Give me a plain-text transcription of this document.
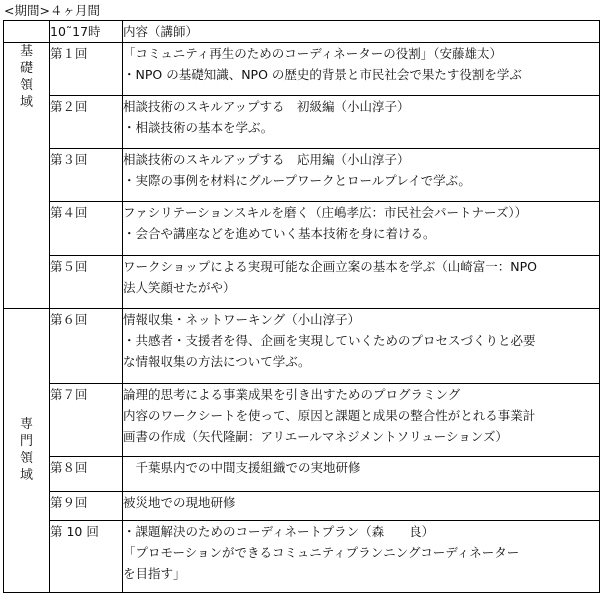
<期間>４ヶ月間
	10˜17時	内容（講師）

基
礎
領
域	第１回	「コミュニティ再生のためのコーディネーターの役割」（安藤雄太）
・NPO の基礎知識、NPO の歴史的背景と市民社会で果たす役割を学ぶ

	第２回	相談技術のスキルアップする　初級編（小山淳子）
・相談技術の基本を学ぶ。

	第３回	相談技術のスキルアップする　応用編（小山淳子）
・実際の事例を材料にグループワークとロールプレイで学ぶ。

	第４回	ファシリテーションスキルを磨く（庄嶋孝広：市民社会パートナーズ））
・会合や講座などを進めていく基本技術を身に着ける。

	第５回	ワークショップによる実現可能な企画立案の基本を学ぶ（山崎富一：NPO
法人笑顔せたがや）

専
門
領
域	第６回	情報収集・ネットワーキング（小山淳子）
・共感者・支援者を得、企画を実現していくためのプロセスづくりと必要
な情報収集の方法について学ぶ。

	第７回	論理的思考による事業成果を引き出すためのプログラミング
内容のワークシートを使って、原因と課題と成果の整合性がとれる事業計
画書の作成（矢代隆嗣：アリエールマネジメントソリューションズ）

	第８回	　千葉県内での中間支援組織での実地研修

	第９回	被災地での現地研修

	第 10 回	・課題解決のためのコーディネートプラン（森　　良）
「プロモーションができるコミュニティプランニングコーディネーター
を目指す」
